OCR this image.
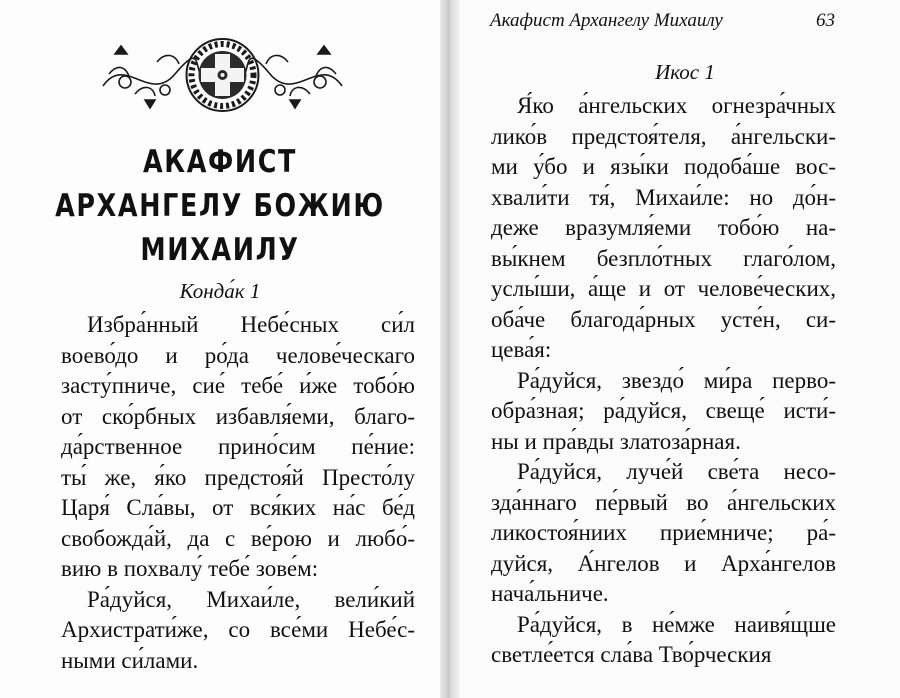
АКАФИСТ
АРХАНГЕЛУ БОЖИЮ
МИХАИЛУ
Конда́к 1

Избра́нный Небе́сных си́л
воево́до и ро́да челове́ческаго
засту́пниче, сие́ тебе́ и́же тобо́ю
от ско́рбных избавля́еми, благо-
да́рственное прино́сим пе́ние:
ты́ же, я́ко предстоя́й Престо́лу
Царя́ Сла́вы, от вся́ких на́с бе́д
свобожда́й, да с ве́рою и любо́-
вию в похвалу́ тебе́ зове́м:

Ра́дуйся, Михаи́ле, вели́кий
Архистрати́же, со все́ми Небе́с-
ными си́лами.

Акафист Архангелу Михаилу	63
Икос 1

Я́ко а́нгельских огнезра́чных
лико́в предстоя́теля, а́нгельски-
ми у́бо и язы́ки подоба́ше вос-
хвали́ти тя́, Михаи́ле: но до́н-
деже вразумля́еми тобо́ю на-
вы́кнем безпло́тных глаго́лом,
услы́ши, а́ще и от челове́ческих,
оба́че благода́рных усте́н, си-
цева́я:

Ра́дуйся, звездо́ ми́ра перво-
обра́зная; ра́дуйся, свеще́ исти́-
ны и пра́вды златоза́рная.

Ра́дуйся, луче́й све́та несо-
зда́ннаго пе́рвый во а́нгельских
ликостоя́ниих прие́мниче; ра́-
дуйся, А́нгелов и Арха́нгелов
нача́льниче.

Ра́дуйся, в не́мже наивя́щше
светле́ется сла́ва Тво́рческия
